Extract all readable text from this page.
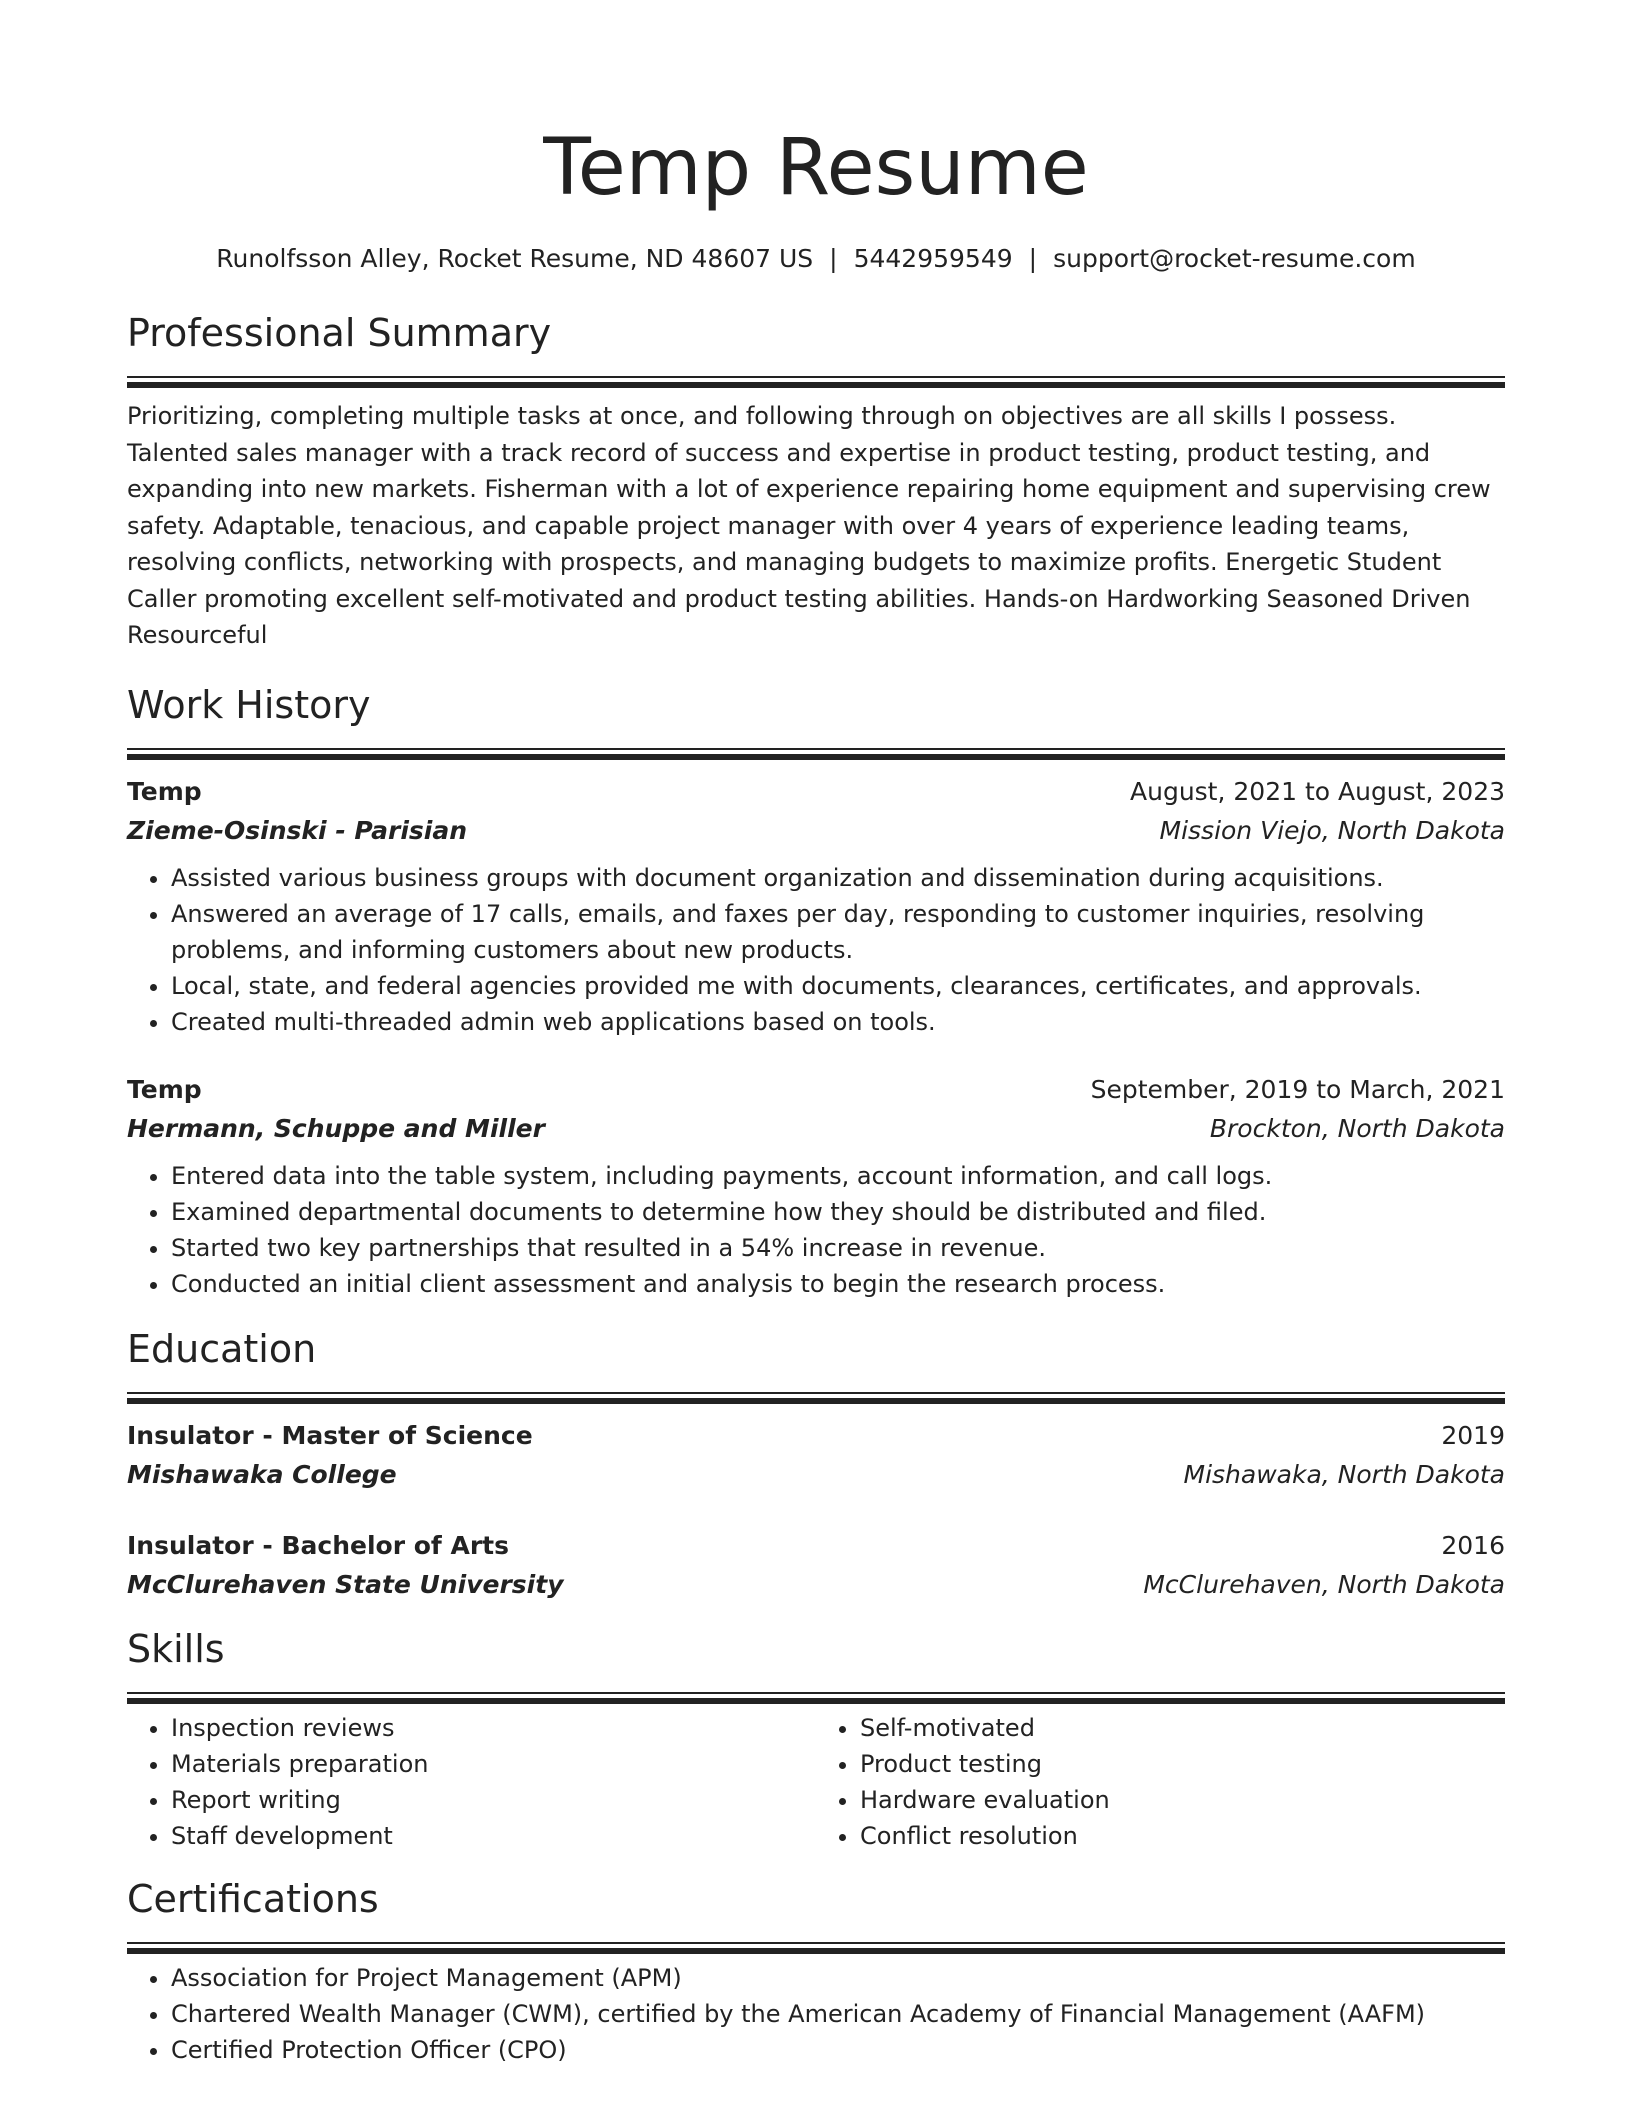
Temp Resume
Runolfsson Alley, Rocket Resume, ND 48607 US | 5442959549 | support@rocket-resume.com
Professional Summary
Prioritizing, completing multiple tasks at once, and following through on objectives are all skills I possess. Talented sales manager with a track record of success and expertise in product testing, product testing, and expanding into new markets. Fisherman with a lot of experience repairing home equipment and supervising crew safety. Adaptable, tenacious, and capable project manager with over 4 years of experience leading teams, resolving conflicts, networking with prospects, and managing budgets to maximize profits. Energetic Student Caller promoting excellent self-motivated and product testing abilities. Hands-on Hardworking Seasoned Driven Resourceful
Work History
Temp	August, 2021 to August, 2023
Zieme-Osinski - Parisian	Mission Viejo, North Dakota
• Assisted various business groups with document organization and dissemination during acquisitions.
• Answered an average of 17 calls, emails, and faxes per day, responding to customer inquiries, resolving problems, and informing customers about new products.
• Local, state, and federal agencies provided me with documents, clearances, certificates, and approvals.
• Created multi-threaded admin web applications based on tools.
Temp	September, 2019 to March, 2021
Hermann, Schuppe and Miller	Brockton, North Dakota
• Entered data into the table system, including payments, account information, and call logs.
• Examined departmental documents to determine how they should be distributed and filed.
• Started two key partnerships that resulted in a 54% increase in revenue.
• Conducted an initial client assessment and analysis to begin the research process.
Education
Insulator - Master of Science	2019
Mishawaka College	Mishawaka, North Dakota
Insulator - Bachelor of Arts	2016
McClurehaven State University	McClurehaven, North Dakota
Skills
• Inspection reviews
• Materials preparation
• Report writing
• Staff development
• Self-motivated
• Product testing
• Hardware evaluation
• Conflict resolution
Certifications
• Association for Project Management (APM)
• Chartered Wealth Manager (CWM), certified by the American Academy of Financial Management (AAFM)
• Certified Protection Officer (CPO)
